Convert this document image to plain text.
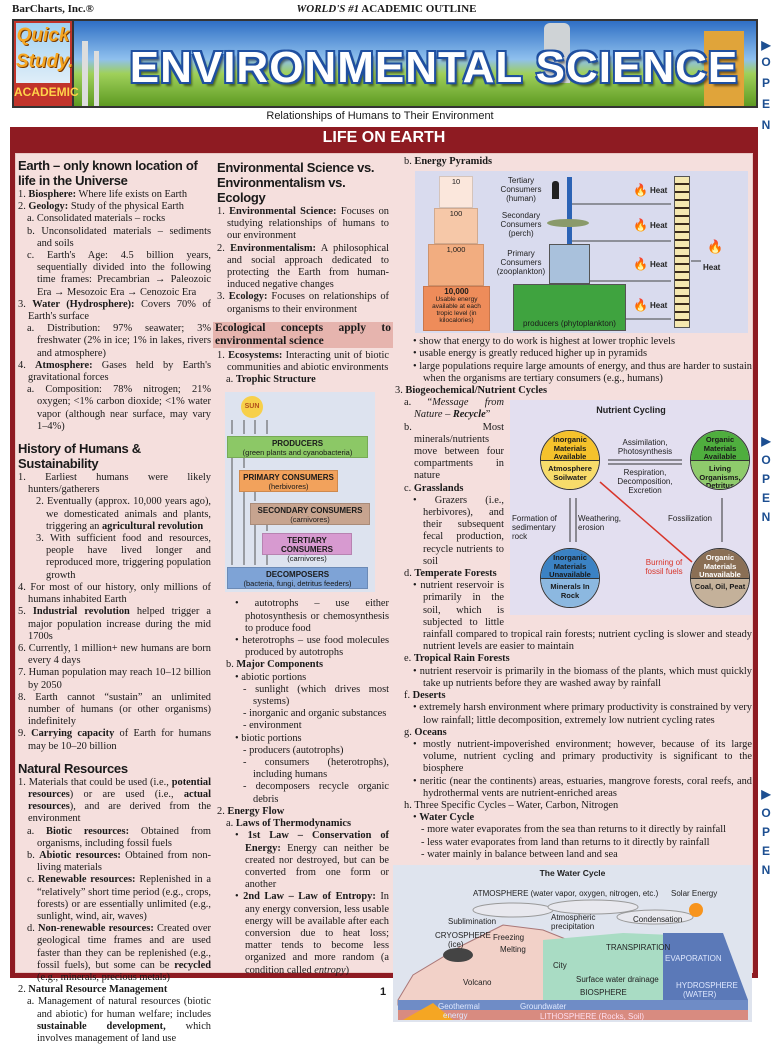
BarCharts, Inc.®	WORLD'S #1 ACADEMIC OUTLINE
Quick
Study.
ACADEMIC ENVIRONMENTAL SCIENCE
Relationships of Humans to Their Environment
LIFE ON EARTH
▶
OPEN
▶
O
P
E
N
▶
O
P
E
N
Earth – only known location of life in the Universe
1. Biosphere: Where life exists on Earth
2. Geology: Study of the physical Earth
a. Consolidated materials – rocks
b. Unconsolidated materials – sediments and soils
c. Earth's Age: 4.5 billion years, sequentially divided into the following time frames: Precambrian → Paleozoic Era → Mesozoic Era → Cenozoic Era
3. Water (Hydrosphere): Covers 70% of Earth's surface
a. Distribution: 97% seawater; 3% freshwater (2% in ice; 1% in lakes, rivers and atmosphere)
4. Atmosphere: Gases held by Earth's gravitational forces
a. Composition: 78% nitrogen; 21% oxygen; <1% carbon dioxide; <1% water vapor (although near surface, may vary 1–4%)
History of Humans & Sustainability
1. Earliest humans were likely hunters/gatherers
2. Eventually (approx. 10,000 years ago), we domesticated animals and plants, triggering an agricultural revolution
3. With sufficient food and resources, people have lived longer and reproduced more, triggering population growth
4. For most of our history, only millions of humans inhabited Earth
5. Industrial revolution helped trigger a major population increase during the mid 1700s
6. Currently, 1 million+ new humans are born every 4 days
7. Human population may reach 10–12 billion by 2050
8. Earth cannot “sustain” an unlimited number of humans (or other organisms) indefinitely
9. Carrying capacity of Earth for humans may be 10–20 billion
Natural Resources
1. Materials that could be used (i.e., potential resources) or are used (i.e., actual resources), and are derived from the environment
a. Biotic resources: Obtained from organisms, including fossil fuels
b. Abiotic resources: Obtained from non-living materials
c. Renewable resources: Replenished in a “relatively” short time period (e.g., crops, forests) or are essentially unlimited (e.g., sunlight, wind, air, waves)
d. Non-renewable resources: Created over geological time frames and are used faster than they can be replenished (e.g., fossil fuels), but some can be recycled (e.g., minerals, precious metals)
2. Natural Resource Management
a. Management of natural resources (biotic and abiotic) for human welfare; includes sustainable development, which involves management of land use
Environmental Science vs. Environmentalism vs. Ecology
1. Environmental Science: Focuses on studying relationships of humans to our environment
2. Environmentalism: A philosophical and social approach dedicated to protecting the Earth from human-induced negative changes
3. Ecology: Focuses on relationships of organisms to their environment
Ecological concepts apply to environmental science
1. Ecosystems: Interacting unit of biotic communities and abiotic environments
a. Trophic Structure
SUN
PRODUCERS
(green plants and cyanobacteria)
PRIMARY CONSUMERS
(herbivores)
SECONDARY CONSUMERS
(carnivores)
TERTIARY CONSUMERS
(carnivores)
DECOMPOSERS
(bacteria, fungi, detritus feeders)
• autotrophs – use either photosynthesis or chemosynthesis to produce food
• heterotrophs – use food molecules produced by autotrophs
b. Major Components
• abiotic portions
- sunlight (which drives most systems)
- inorganic and organic substances
- environment
• biotic portions
- producers (autotrophs)
- consumers (heterotrophs), including humans
- decomposers recycle organic debris
2. Energy Flow
a. Laws of Thermodynamics
• 1st Law – Conservation of Energy: Energy can neither be created nor destroyed, but can be converted from one form or another
• 2nd Law – Law of Entropy: In any energy conversion, less usable energy will be available after each conversion due to heat loss; matter tends to become less organized and more random (a condition called entropy)
b. Energy Pyramids
10
100
1,000
10,000
Usable energy available at each tropic level (in kilocalories)
Tertiary Consumers (human)
Secondary Consumers (perch)
Primary Consumers (zooplankton)
producers (phytoplankton)
🔥
🔥
🔥
🔥
Heat
Heat
Heat
Heat
🔥
Heat
• show that energy to do work is highest at lower trophic levels
• usable energy is greatly reduced higher up in pyramids
• large populations require large amounts of energy, and thus are harder to sustain when the organisms are tertiary consumers (e.g., humans)
3. Biogeochemical/Nutrient Cycles
Nutrient Cycling
Inorganic Materials Available
Atmosphere Soilwater
Organic Materials Available
Living Organisms, Detritus
Inorganic Materials Unavailable
Minerals In Rock
Organic Materials Unavailable
Coal, Oil, Peat
Assimilation, Photosynthesis
Respiration, Decomposition, Excretion
Formation of sedimentary rock
Weathering, erosion
Fossilization
Burning of fossil fuels
a. “Message from Nature – Recycle”
b. Most minerals/nutrients move between four compartments in nature
c. Grasslands
• Grazers (i.e., herbivores), and their subsequent fecal production, recycle nutrients to soil
d. Temperate Forests
• nutrient reservoir is primarily in the soil, which is subjected to little rainfall compared to tropical rain forests; nutrient cycling is slower and steady nutrient levels are easier to maintain
e. Tropical Rain Forests
• nutrient reservoir is primarily in the biomass of the plants, which must quickly take up nutrients before they are washed away by rainfall
f. Deserts
• extremely harsh environment where primary productivity is constrained by very low rainfall; little decomposition, extremely low nutrient cycling rates
g. Oceans
• mostly nutrient-impoverished environment; however, because of its large volume, nutrient cycling and primary productivity is significant to the biosphere
• neritic (near the continents) areas, estuaries, mangrove forests, coral reefs, and hydrothermal vents are nutrient-enriched areas
h. Three Specific Cycles – Water, Carbon, Nitrogen
• Water Cycle
- more water evaporates from the sea than returns to it directly by rainfall
- less water evaporates from land than returns to it directly by rainfall
- water mainly in balance between land and sea
The Water Cycle
ATMOSPHERE (water vapor, oxygen, nitrogen, etc.) Solar Energy
Sublimination
CRYOSPHERE
(ice)
Freezing
Melting
Atmospheric
precipitation
Condensation
TRANSPIRATION
EVAPORATION
City
Volcano	Surface water drainage
BIOSPHERE
HYDROSPHERE
(WATER)
Geothermal
energy
Groundwater
LITHOSPHERE (Rocks, Soil)
1
